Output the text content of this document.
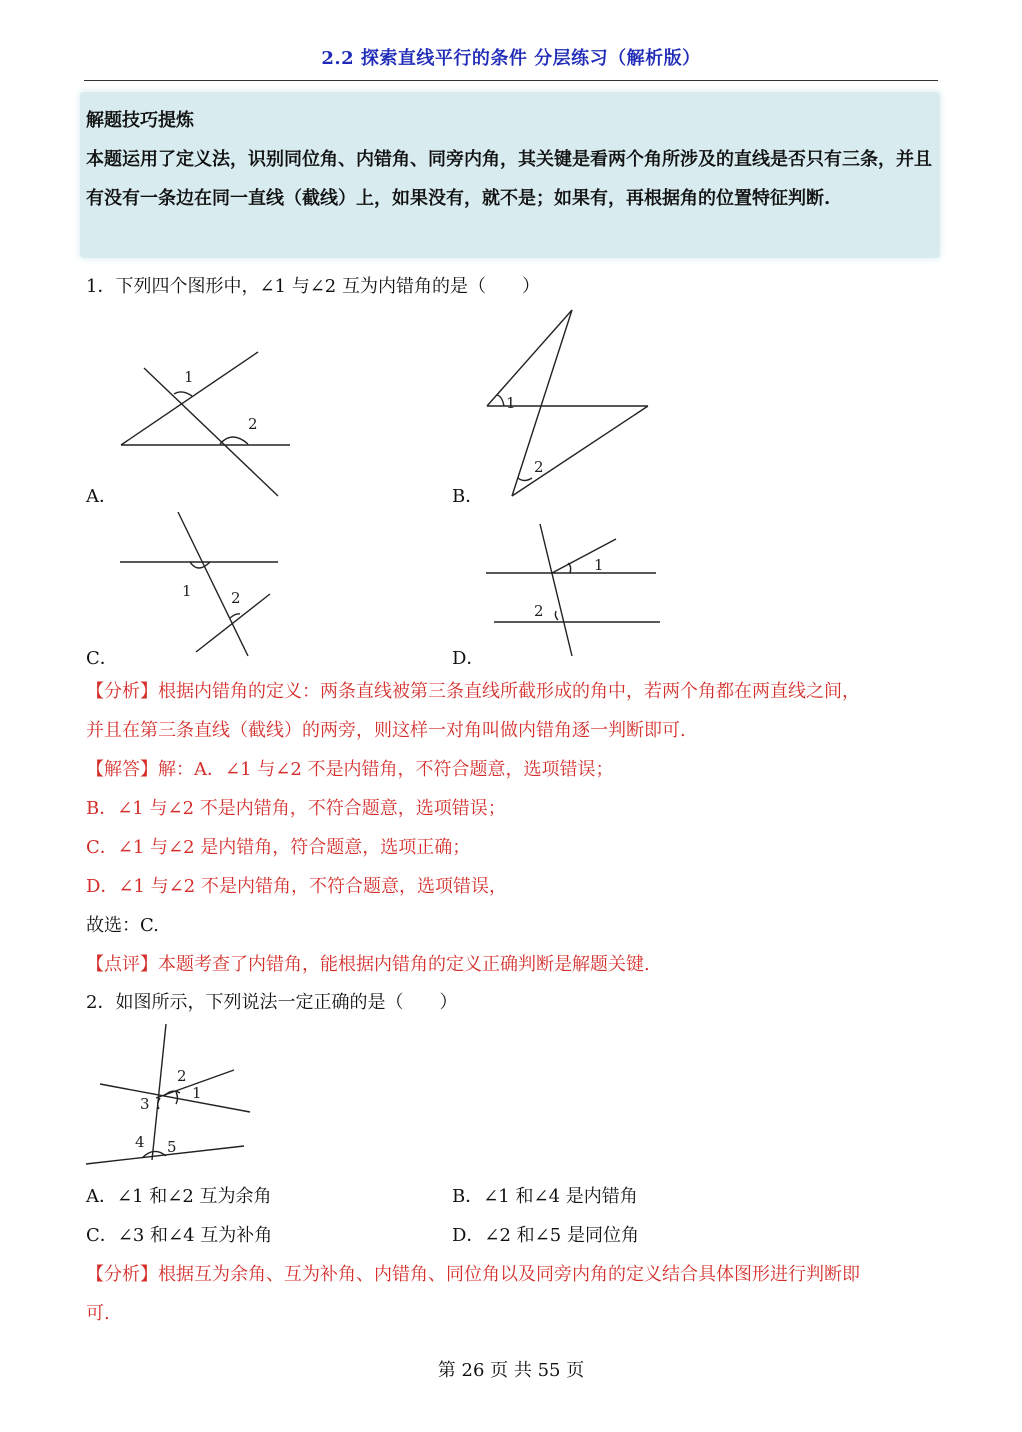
2.2 探索直线平行的条件 分层练习（解析版）
解题技巧提炼
本题运用了定义法，识别同位角、内错角、同旁内角，其关键是看两个角所涉及的直线是否只有三条，并且有没有一条边在同一直线（截线）上，如果没有，就不是；如果有，再根据角的位置特征判断.
1．下列四个图形中，∠1 与∠2 互为内错角的是（　　）
1
2
A．
1
2
B．
1	2
C．
1
2
D．
【分析】根据内错角的定义：两条直线被第三条直线所截形成的角中，若两个角都在两直线之间，
并且在第三条直线（截线）的两旁，则这样一对角叫做内错角逐一判断即可.
【解答】解：A．∠1 与∠2 不是内错角，不符合题意，选项错误；
B．∠1 与∠2 不是内错角，不符合题意，选项错误；
C．∠1 与∠2 是内错角，符合题意，选项正确；
D．∠1 与∠2 不是内错角，不符合题意，选项错误，
故选：C.
【点评】本题考查了内错角，能根据内错角的定义正确判断是解题关键.
2．如图所示，下列说法一定正确的是（　　）
2
1
3
4 5
A．∠1 和∠2 互为余角	B．∠1 和∠4 是内错角
C．∠3 和∠4 互为补角	D．∠2 和∠5 是同位角
【分析】根据互为余角、互为补角、内错角、同位角以及同旁内角的定义结合具体图形进行判断即
可.
第 26 页 共 55 页
